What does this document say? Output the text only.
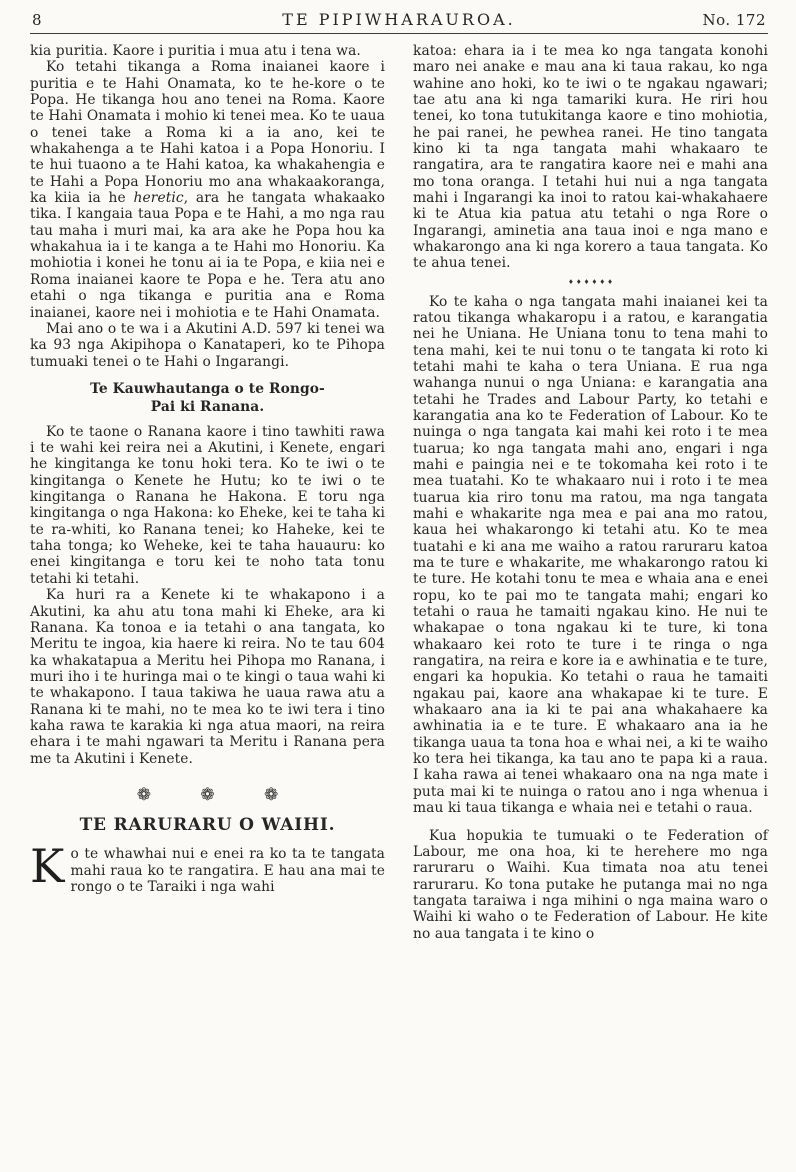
8	TE PIPIWHARAUROA.	No. 172

kia puritia. Kaore i puritia i mua atu i tena wa.

Ko tetahi tikanga a Roma inaianei kaore i puritia e te Hahi Onamata, ko te he-kore o te Popa. He tikanga hou ano tenei na Roma. Kaore te Hahi Onamata i mohio ki tenei mea. Ko te uaua o tenei take a Roma ki a ia ano, kei te whakahenga a te Hahi katoa i a Popa Honoriu. I te hui tuaono a te Hahi katoa, ka whakahengia e te Hahi a Popa Honoriu mo ana whakaakoranga, ka kiia ia he heretic, ara he tangata whakaako tika. I kangaia taua Popa e te Hahi, a mo nga rau tau maha i muri mai, ka ara ake he Popa hou ka whakahua ia i te kanga a te Hahi mo Honoriu. Ka mohiotia i konei he tonu ai ia te Popa, e kiia nei e Roma inaianei kaore te Popa e he. Tera atu ano etahi o nga tikanga e puritia ana e Roma inaianei, kaore nei i mohiotia e te Hahi Onamata.

Mai ano o te wa i a Akutini A.D. 597 ki tenei wa ka 93 nga Akipihopa o Kanataperi, ko te Pihopa tumuaki tenei o te Hahi o Ingarangi.

Te Kauwhautanga o te Rongo-Pai ki Ranana.

Ko te taone o Ranana kaore i tino tawhiti rawa i te wahi kei reira nei a Akutini, i Kenete, engari he kingitanga ke tonu hoki tera. Ko te iwi o te kingitanga o Kenete he Hutu; ko te iwi o te kingitanga o Ranana he Hakona. E toru nga kingitanga o nga Hakona: ko Eheke, kei te taha ki te ra-whiti, ko Ranana tenei; ko Haheke, kei te taha tonga; ko Weheke, kei te taha hauauru: ko enei kingitanga e toru kei te noho tata tonu tetahi ki tetahi.

Ka huri ra a Kenete ki te whakapono i a Akutini, ka ahu atu tona mahi ki Eheke, ara ki Ranana. Ka tonoa e ia tetahi o ana tangata, ko Meritu te ingoa, kia haere ki reira. No te tau 604 ka whakatapua a Meritu hei Pihopa mo Ranana, i muri iho i te huringa mai o te kingi o taua wahi ki te whakapono. I taua takiwa he uaua rawa atu a Ranana ki te mahi, no te mea ko te iwi tera i tino kaha rawa te karakia ki nga atua maori, na reira ehara i te mahi ngawari ta Meritu i Ranana pera me ta Akutini i Kenete.

❁ ❁ ❁
TE RARURARU O WAIHI.

Ko te whawhai nui e enei ra ko ta te tangata mahi raua ko te rangatira. E hau ana mai te rongo o te Taraiki i nga wahi

katoa: ehara ia i te mea ko nga tangata konohi maro nei anake e mau ana ki taua rakau, ko nga wahine ano hoki, ko te iwi o te ngakau ngawari; tae atu ana ki nga tamariki kura. He riri hou tenei, ko tona tutukitanga kaore e tino mohiotia, he pai ranei, he pewhea ranei. He tino tangata kino ki ta nga tangata mahi whakaaro te rangatira, ara te rangatira kaore nei e mahi ana mo tona oranga. I tetahi hui nui a nga tangata mahi i Ingarangi ka inoi to ratou kai-whakahaere ki te Atua kia patua atu tetahi o nga Rore o Ingarangi, aminetia ana taua inoi e nga mano e whakarongo ana ki nga korero a taua tangata. Ko te ahua tenei.

♦♦♦♦♦♦

Ko te kaha o nga tangata mahi inaianei kei ta ratou tikanga whakaropu i a ratou, e karangatia nei he Uniana. He Uniana tonu to tena mahi to tena mahi, kei te nui tonu o te tangata ki roto ki tetahi mahi te kaha o tera Uniana. E rua nga wahanga nunui o nga Uniana: e karangatia ana tetahi he Trades and Labour Party, ko tetahi e karangatia ana ko te Federation of Labour. Ko te nuinga o nga tangata kai mahi kei roto i te mea tuarua; ko nga tangata mahi ano, engari i nga mahi e paingia nei e te tokomaha kei roto i te mea tuatahi. Ko te whakaaro nui i roto i te mea tuarua kia riro tonu ma ratou, ma nga tangata mahi e whakarite nga mea e pai ana mo ratou, kaua hei whakarongo ki tetahi atu. Ko te mea tuatahi e ki ana me waiho a ratou raruraru katoa ma te ture e whakarite, me whakarongo ratou ki te ture. He kotahi tonu te mea e whaia ana e enei ropu, ko te pai mo te tangata mahi; engari ko tetahi o raua he tamaiti ngakau kino. He nui te whakapae o tona ngakau ki te ture, ki tona whakaaro kei roto te ture i te ringa o nga rangatira, na reira e kore ia e awhinatia e te ture, engari ka hopukia. Ko tetahi o raua he tamaiti ngakau pai, kaore ana whakapae ki te ture. E whakaaro ana ia ki te pai ana whakahaere ka awhinatia ia e te ture. E whakaaro ana ia he tikanga uaua ta tona hoa e whai nei, a ki te waiho ko tera hei tikanga, ka tau ano te papa ki a raua. I kaha rawa ai tenei whakaaro ona na nga mate i puta mai ki te nuinga o ratou ano i nga whenua i mau ki taua tikanga e whaia nei e tetahi o raua.

Kua hopukia te tumuaki o te Federation of Labour, me ona hoa, ki te herehere mo nga raruraru o Waihi. Kua timata noa atu tenei raruraru. Ko tona putake he putanga mai no nga tangata taraiwa i nga mihini o nga maina waro o Waihi ki waho o te Federation of Labour. He kite no aua tangata i te kino o
